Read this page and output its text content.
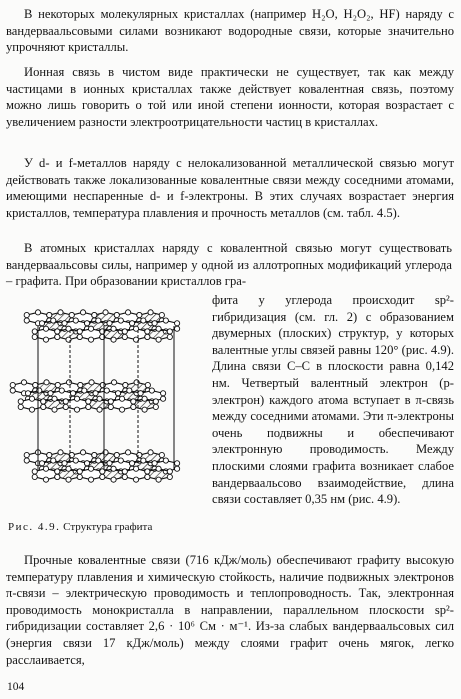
В некоторых молекулярных кристаллах (например H₂O, H₂O₂, HF) наряду с вандерваальсовыми силами возникают водородные связи, которые значительно упрочняют кристаллы.

Ионная связь в чистом виде практически не существует, так как между частицами в ионных кристаллах также действует ковалентная связь, поэтому можно лишь говорить о той или иной степени ионности, которая возрастает с увеличением разности электроотрицательности частиц в кристаллах.

У d- и f-металлов наряду с нелокализованной металлической связью могут действовать также локализованные ковалентные связи между соседними атомами, имеющими неспаренные d- и f-электроны. В этих случаях возрастает энергия кристаллов, температура плавления и прочность металлов (см. табл. 4.5).

В атомных кристаллах наряду с ковалентной связью могут существовать вандерваальсовы силы, например у одной из аллотропных модификаций углерода – графита. При образовании кристаллов гра-

Рис. 4.9. Структура графита

фита у углерода происходит sp²-гибридизация (см. гл. 2) с образованием двумерных (плоских) структур, у которых валентные углы связей равны 120° (рис. 4.9). Длина связи С–С в плоскости равна 0,142 нм. Четвертый валентный электрон (p-электрон) каждого атома вступает в π-связь между соседними атомами. Эти π-электроны очень подвижны и обеспечивают электронную проводимость. Между плоскими слоями графита возникает слабое вандерваальсово взаимодействие, длина связи составляет 0,35 нм (рис. 4.9).

Прочные ковалентные связи (716 кДж/моль) обеспечивают графиту высокую температуру плавления и химическую стойкость, наличие подвижных электронов π-связи – электрическую проводимость и теплопроводность. Так, электронная проводимость монокристалла в направлении, параллельном плоскости sp²-гибридизации составляет 2,6 · 10⁶ См · м⁻¹. Из-за слабых вандерваальсовых сил (энергия связи 17 кДж/моль) между слоями графит очень мягок, легко расслаивается,

104
